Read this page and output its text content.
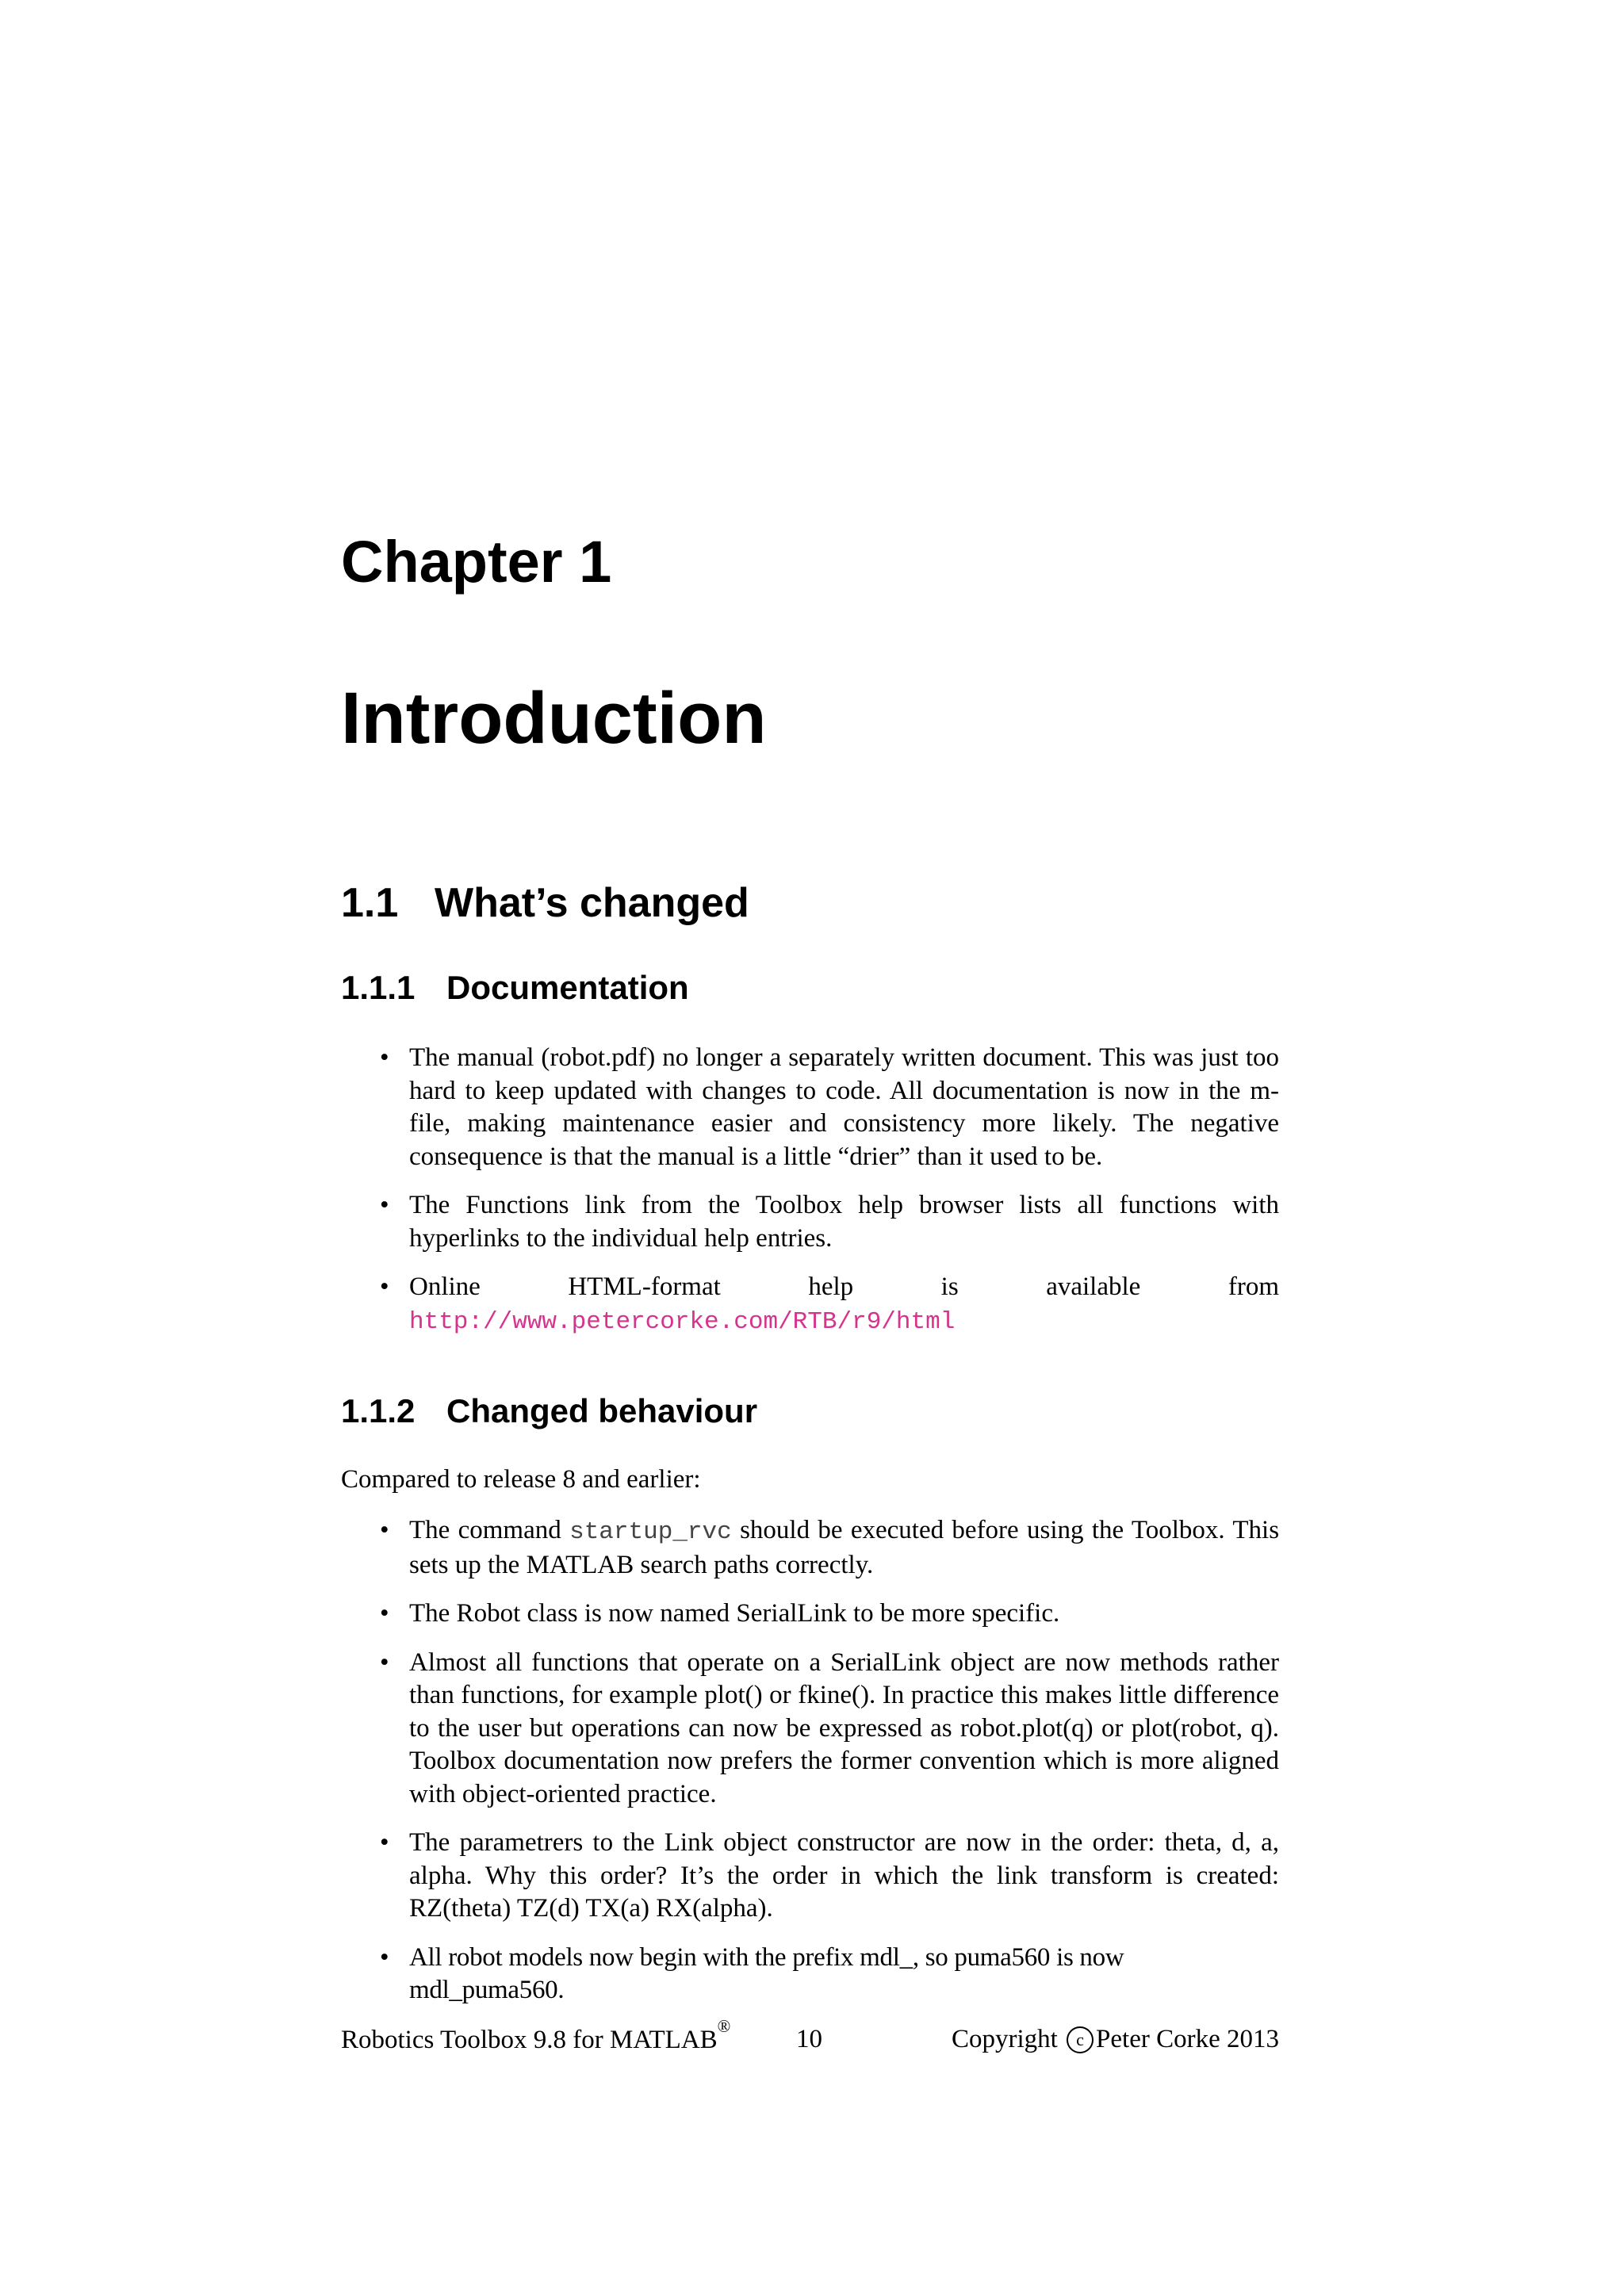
Chapter 1
Introduction
1.1 What’s changed
1.1.1 Documentation
• The manual (robot.pdf) no longer a separately written document. This was just too hard to keep updated with changes to code. All documentation is now in the m-file, making maintenance easier and consistency more likely. The negative consequence is that the manual is a little “drier” than it used to be.
• The Functions link from the Toolbox help browser lists all functions with hyperlinks to the individual help entries.
• Online HTML-format help is available from http://www.petercorke.com/RTB/r9/html
1.1.2 Changed behaviour
Compared to release 8 and earlier:
• The command startup_rvc should be executed before using the Toolbox. This sets up the MATLAB search paths correctly.
• The Robot class is now named SerialLink to be more specific.
• Almost all functions that operate on a SerialLink object are now methods rather than functions, for example plot() or fkine(). In practice this makes little difference to the user but operations can now be expressed as robot.plot(q) or plot(robot, q). Toolbox documentation now prefers the former convention which is more aligned with object-oriented practice.
• The parametrers to the Link object constructor are now in the order: theta, d, a, alpha. Why this order? It’s the order in which the link transform is created: RZ(theta) TZ(d) TX(a) RX(alpha).
• All robot models now begin with the prefix mdl_, so puma560 is now mdl_puma560.
Robotics Toolbox 9.8 for MATLAB®	10	Copyright c Peter Corke 2013
